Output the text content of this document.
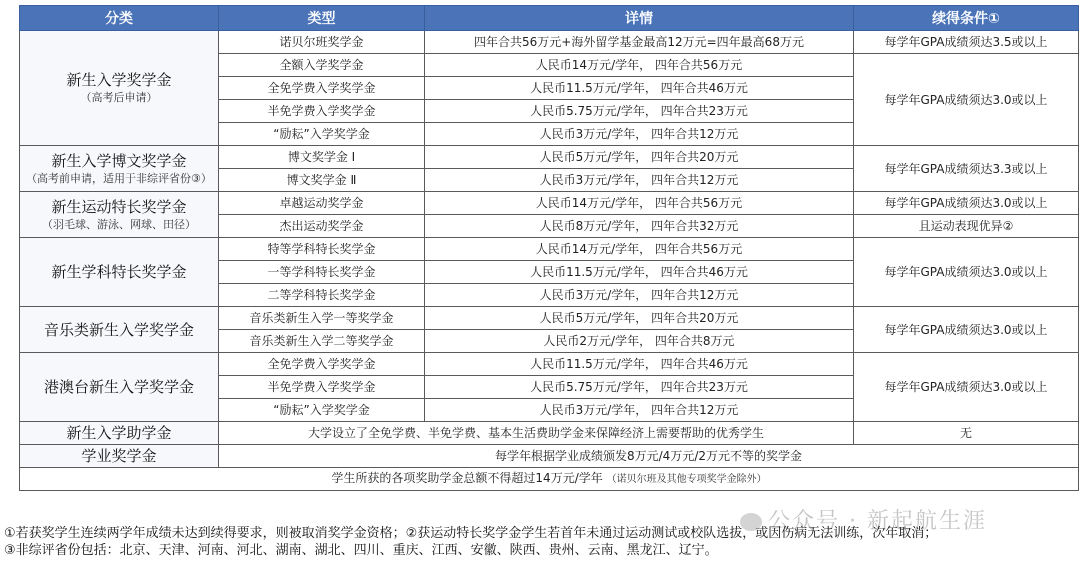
分类	类型	详情	续得条件①

新生入学奖学金
（高考后申请）	诺贝尔班奖学金	四年合共56万元+海外留学基金最高12万元=四年最高68万元	每学年GPA成绩须达3.5或以上
	全额入学奖学金	人民币14万元/学年， 四年合共56万元	每学年GPA成绩须达3.0或以上
	全免学费入学奖学金	人民币11.5万元/学年， 四年合共46万元	
	半免学费入学奖学金	人民币5.75万元/学年， 四年合共23万元	
	“励耘”入学奖学金	人民币3万元/学年， 四年合共12万元	

新生入学博文奖学金
（高考前申请，适用于非综评省份③）	博文奖学金 Ⅰ	人民币5万元/学年， 四年合共20万元	每学年GPA成绩须达3.3或以上
	博文奖学金 Ⅱ	人民币3万元/学年， 四年合共12万元	

新生运动特长奖学金
（羽毛球、游泳、网球、田径）	卓越运动奖学金	人民币14万元/学年， 四年合共56万元	每学年GPA成绩须达3.0或以上
	杰出运动奖学金	人民币8万元/学年， 四年合共32万元	且运动表现优异②

新生学科特长奖学金	特等学科特长奖学金	人民币14万元/学年， 四年合共56万元	每学年GPA成绩须达3.0或以上
	一等学科特长奖学金	人民币11.5万元/学年， 四年合共46万元	
	二等学科特长奖学金	人民币3万元/学年， 四年合共12万元	

音乐类新生入学奖学金	音乐类新生入学一等奖学金	人民币5万元/学年， 四年合共20万元	每学年GPA成绩须达3.0或以上
	音乐类新生入学二等奖学金	人民币2万元/学年， 四年合共8万元	

港澳台新生入学奖学金	全免学费入学奖学金	人民币11.5万元/学年， 四年合共46万元	每学年GPA成绩须达3.0或以上
	半免学费入学奖学金	人民币5.75万元/学年， 四年合共23万元	
	“励耘”入学奖学金	人民币3万元/学年， 四年合共12万元	

新生入学助学金	大学设立了全免学费、半免学费、基本生活费助学金来保障经济上需要帮助的优秀学生		无

学业奖学金	每学年根据学业成绩颁发8万元/4万元/2万元不等的奖学金		
学生所获的各项奖助学金总额不得超过14万元/学年 （诺贝尔班及其他专项奖学金除外）			
公众号 · 新起航生涯
①若获奖学生连续两学年成绩未达到续得要求，则被取消奖学金资格；②获运动特长奖学金学生若首年未通过运动测试或校队选拔，或因伤病无法训练，次年取消；
③非综评省份包括：北京、天津、河南、河北、湖南、湖北、四川、重庆、江西、安徽、陕西、贵州、云南、黑龙江、辽宁。
